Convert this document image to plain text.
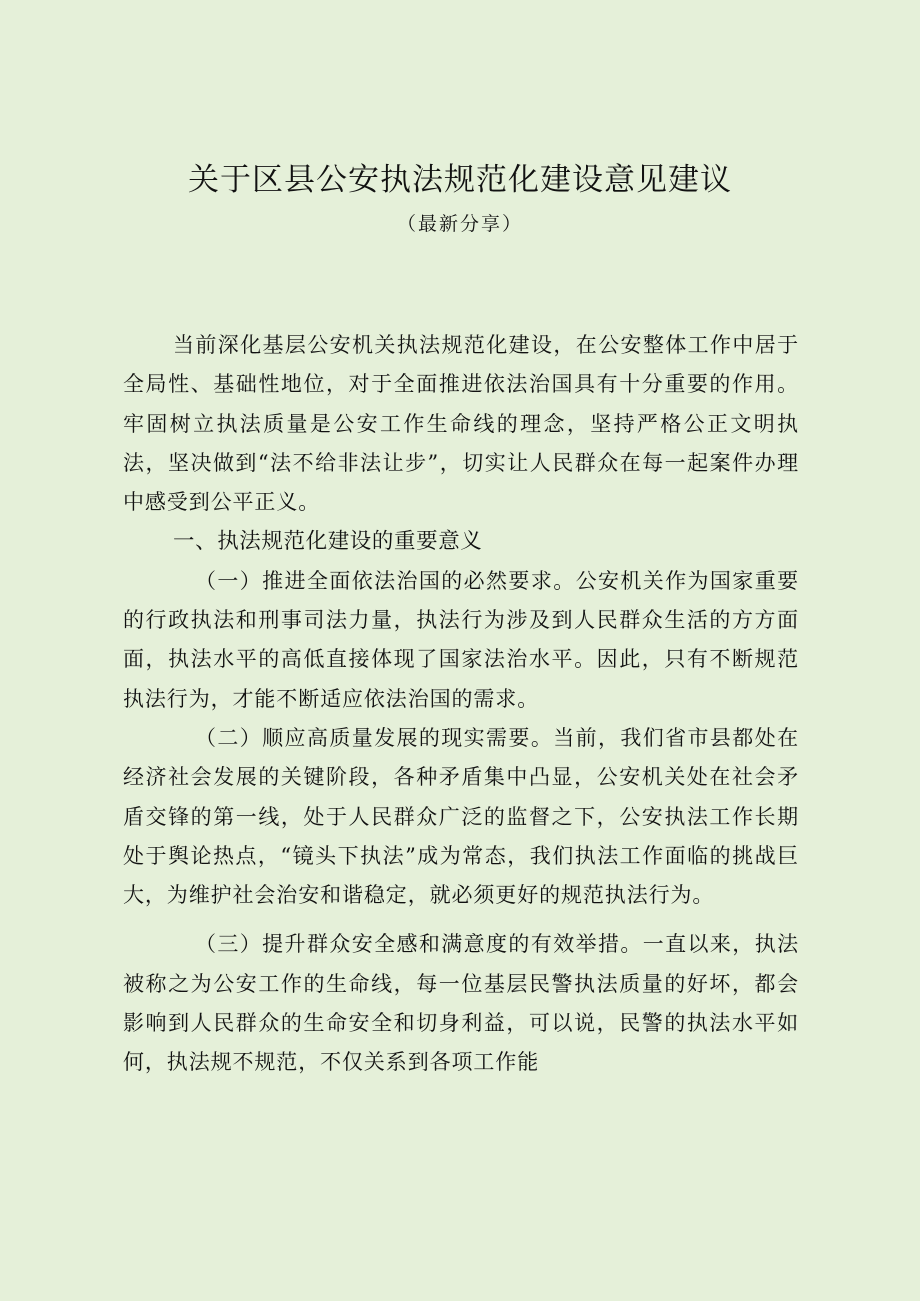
关于区县公安执法规范化建设意见建议

（最新分享）

当前深化基层公安机关执法规范化建设，在公安整体工作中居于全局性、基础性地位，对于全面推进依法治国具有十分重要的作用。牢固树立执法质量是公安工作生命线的理念，坚持严格公正文明执法，坚决做到“法不给非法让步”，切实让人民群众在每一起案件办理中感受到公平正义。

一、执法规范化建设的重要意义

（一）推进全面依法治国的必然要求。公安机关作为国家重要的行政执法和刑事司法力量，执法行为涉及到人民群众生活的方方面面，执法水平的高低直接体现了国家法治水平。因此，只有不断规范执法行为，才能不断适应依法治国的需求。

（二）顺应高质量发展的现实需要。当前，我们省市县都处在经济社会发展的关键阶段，各种矛盾集中凸显，公安机关处在社会矛盾交锋的第一线，处于人民群众广泛的监督之下，公安执法工作长期处于舆论热点，“镜头下执法”成为常态，我们执法工作面临的挑战巨大，为维护社会治安和谐稳定，就必须更好的规范执法行为。

（三）提升群众安全感和满意度的有效举措。一直以来，执法被称之为公安工作的生命线，每一位基层民警执法质量的好坏，都会影响到人民群众的生命安全和切身利益，可以说，民警的执法水平如何，执法规不规范，不仅关系到各项工作能
